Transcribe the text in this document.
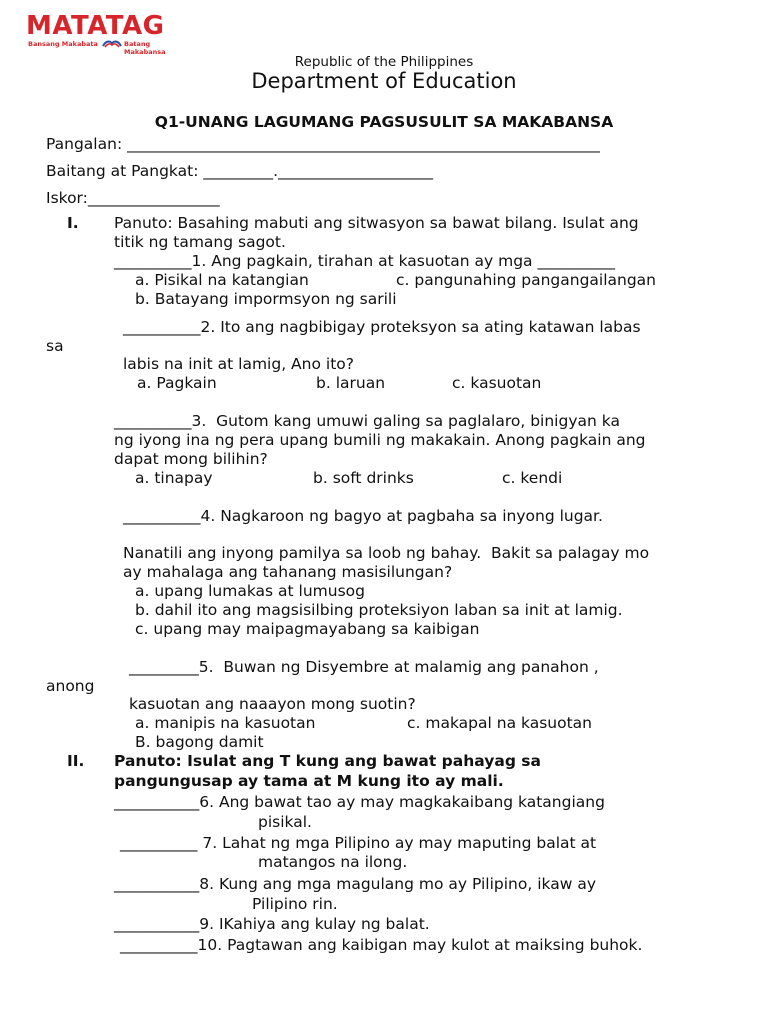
MATATAG
Bansang Makabata	Batang Makabansa
Republic of the Philippines
Department of Education
Q1-UNANG LAGUMANG PAGSUSULIT SA MAKABANSA
Pangalan: _____________________________________________________________
Baitang at Pangkat: _________.____________________
Iskor:_________________
I. Panuto: Basahing mabuti ang sitwasyon sa bawat bilang. Isulat ang
titik ng tamang sagot.
__________1. Ang pagkain, tirahan at kasuotan ay mga __________
a. Pisikal na katangian	c. pangunahing pangangailangan
b. Batayang impormsyon ng sarili
__________2. Ito ang nagbibigay proteksyon sa ating katawan labas
sa
labis na init at lamig, Ano ito?
a. Pagkain	b. laruan	c. kasuotan
__________3.  Gutom kang umuwi galing sa paglalaro, binigyan ka
ng iyong ina ng pera upang bumili ng makakain. Anong pagkain ang
dapat mong bilihin?
a. tinapay	b. soft drinks	c. kendi
__________4. Nagkaroon ng bagyo at pagbaha sa inyong lugar.
Nanatili ang inyong pamilya sa loob ng bahay.  Bakit sa palagay mo
ay mahalaga ang tahanang masisilungan?
a. upang lumakas at lumusog
b. dahil ito ang magsisilbing proteksiyon laban sa init at lamig.
c. upang may maipagmayabang sa kaibigan
_________5.  Buwan ng Disyembre at malamig ang panahon ,
anong
kasuotan ang naaayon mong suotin?
a. manipis na kasuotan	c. makapal na kasuotan
B. bagong damit
II. Panuto: Isulat ang T kung ang bawat pahayag sa
pangungusap ay tama at M kung ito ay mali.
___________6. Ang bawat tao ay may magkakaibang katangiang
pisikal.
__________ 7. Lahat ng mga Pilipino ay may maputing balat at
matangos na ilong.
___________8. Kung ang mga magulang mo ay Pilipino, ikaw ay
Pilipino rin.
___________9. IKahiya ang kulay ng balat.
__________10. Pagtawan ang kaibigan may kulot at maiksing buhok.
